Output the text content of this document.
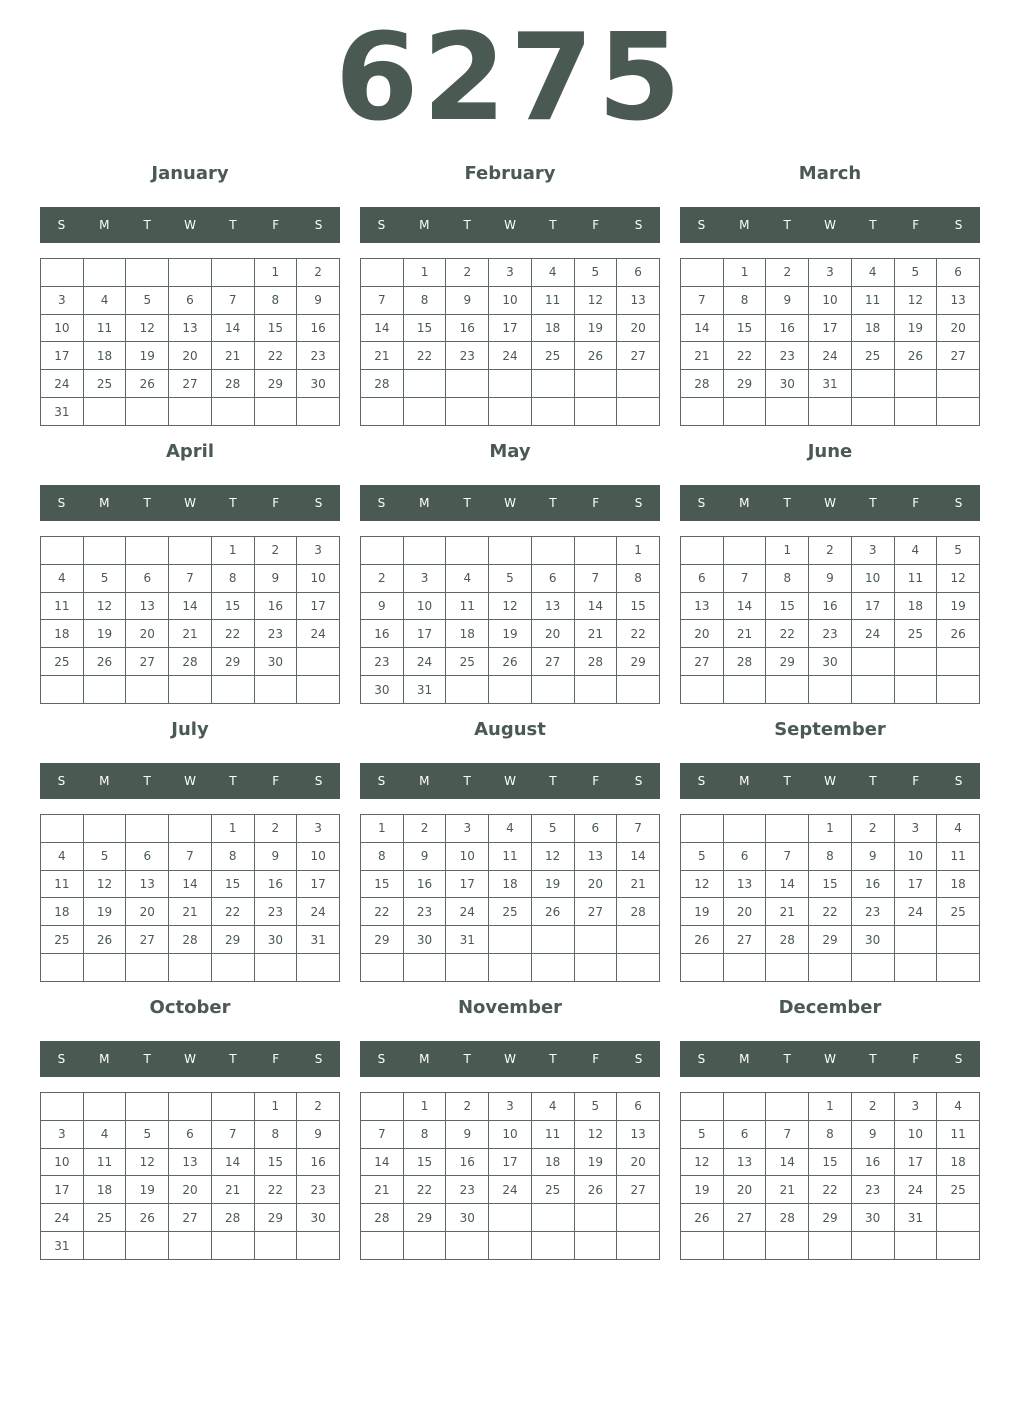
6275
January
S	M	T	W	T	F	S
					1	2
3	4	5	6	7	8	9
10	11	12	13	14	15	16
17	18	19	20	21	22	23
24	25	26	27	28	29	30
31						
February
S	M	T	W	T	F	S
	1	2	3	4	5	6
7	8	9	10	11	12	13
14	15	16	17	18	19	20
21	22	23	24	25	26	27
28						

March
S	M	T	W	T	F	S
	1	2	3	4	5	6
7	8	9	10	11	12	13
14	15	16	17	18	19	20
21	22	23	24	25	26	27
28	29	30	31			

April
S	M	T	W	T	F	S
				1	2	3
4	5	6	7	8	9	10
11	12	13	14	15	16	17
18	19	20	21	22	23	24
25	26	27	28	29	30	

May
S	M	T	W	T	F	S
						1
2	3	4	5	6	7	8
9	10	11	12	13	14	15
16	17	18	19	20	21	22
23	24	25	26	27	28	29
30	31					
June
S	M	T	W	T	F	S
		1	2	3	4	5
6	7	8	9	10	11	12
13	14	15	16	17	18	19
20	21	22	23	24	25	26
27	28	29	30			

July
S	M	T	W	T	F	S
				1	2	3
4	5	6	7	8	9	10
11	12	13	14	15	16	17
18	19	20	21	22	23	24
25	26	27	28	29	30	31

August
S	M	T	W	T	F	S
1	2	3	4	5	6	7
8	9	10	11	12	13	14
15	16	17	18	19	20	21
22	23	24	25	26	27	28
29	30	31				

September
S	M	T	W	T	F	S
			1	2	3	4
5	6	7	8	9	10	11
12	13	14	15	16	17	18
19	20	21	22	23	24	25
26	27	28	29	30		

October
S	M	T	W	T	F	S
					1	2
3	4	5	6	7	8	9
10	11	12	13	14	15	16
17	18	19	20	21	22	23
24	25	26	27	28	29	30
31						
November
S	M	T	W	T	F	S
	1	2	3	4	5	6
7	8	9	10	11	12	13
14	15	16	17	18	19	20
21	22	23	24	25	26	27
28	29	30				

December
S	M	T	W	T	F	S
			1	2	3	4
5	6	7	8	9	10	11
12	13	14	15	16	17	18
19	20	21	22	23	24	25
26	27	28	29	30	31	
